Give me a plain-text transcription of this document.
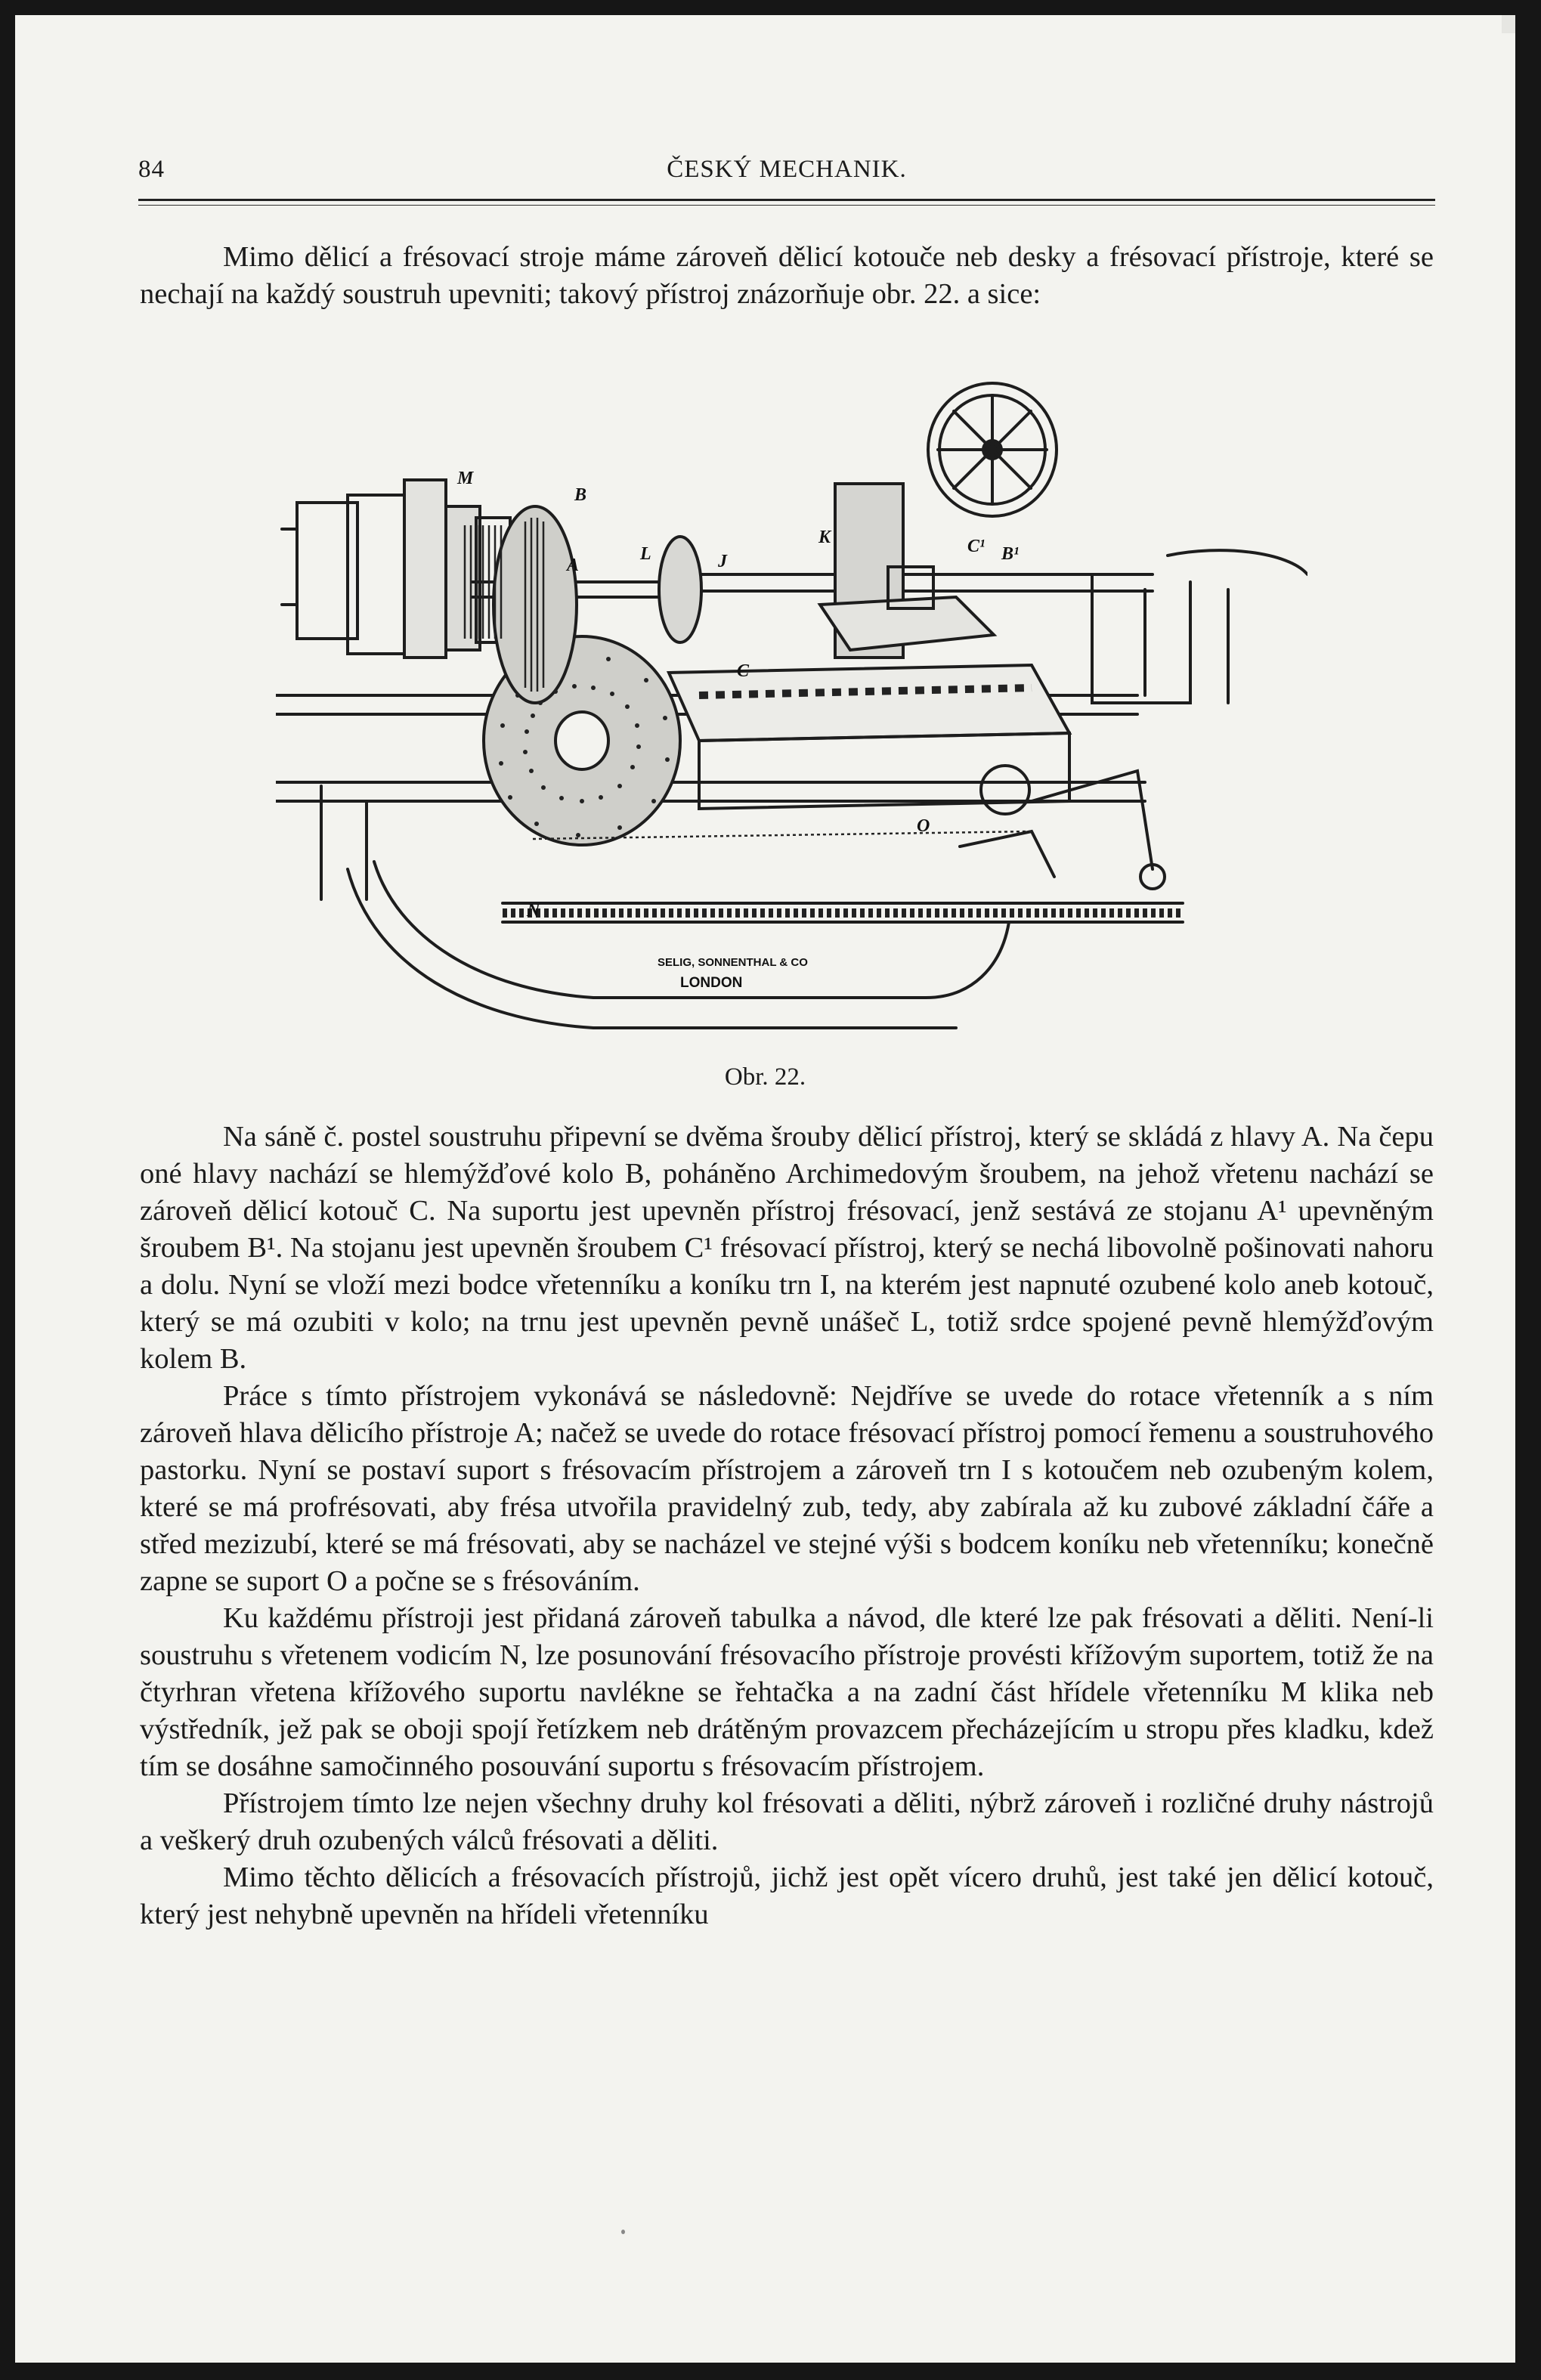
84	ČESKÝ MECHANIK.

Mimo dělicí a frésovací stroje máme zároveň dělicí kotouče neb desky a frésovací přístroje, které se nechají na každý soustruh upevniti; takový přístroj znázorňuje obr. 22. a sice:

M
B
A
L	J
K
C
C¹ B¹
O
N
SELIG, SONNENTHAL & CO
LONDON
Obr. 22.

Na sáně č. postel soustruhu připevní se dvěma šrouby dělicí přístroj, který se skládá z hlavy A. Na čepu oné hlavy nachází se hlemýžďové kolo B, poháněno Archimedovým šroubem, na jehož vřetenu nachází se zároveň dělicí kotouč C. Na suportu jest upevněn přístroj frésovací, jenž sestává ze stojanu A¹ upevněným šroubem B¹. Na stojanu jest upevněn šroubem C¹ frésovací přístroj, který se nechá libovolně pošinovati nahoru a dolu. Nyní se vloží mezi bodce vřetenníku a koníku trn I, na kterém jest napnuté ozubené kolo aneb kotouč, který se má ozubiti v kolo; na trnu jest upevněn pevně unášeč L, totiž srdce spojené pevně hlemýžďovým kolem B.

Práce s tímto přístrojem vykonává se následovně: Nejdříve se uvede do rotace vřetenník a s ním zároveň hlava dělicího přístroje A; načež se uvede do rotace frésovací přístroj pomocí řemenu a soustruhového pastorku. Nyní se postaví suport s frésovacím přístrojem a zároveň trn I s kotoučem neb ozubeným kolem, které se má profrésovati, aby frésa utvořila pravidelný zub, tedy, aby zabírala až ku zubové základní čáře a střed mezizubí, které se má frésovati, aby se nacházel ve stejné výši s bodcem koníku neb vřetenníku; konečně zapne se suport O a počne se s frésováním.

Ku každému přístroji jest přidaná zároveň tabulka a návod, dle které lze pak frésovati a děliti. Není-li soustruhu s vřetenem vodicím N, lze posunování frésovacího přístroje provésti křížovým suportem, totiž že na čtyrhran vřetena křížového suportu navléknе se řehtačka a na zadní část hřídele vřetenníku M klika neb výstředník, jež pak se oboji spojí řetízkem neb drátěným provazcem přecházejícím u stropu přes kladku, kdež tím se dosáhne samočinného posouvání suportu s frésovacím přístrojem.

Přístrojem tímto lze nejen všechny druhy kol frésovati a děliti, nýbrž zároveň i rozličné druhy nástrojů a veškerý druh ozubených válců frésovati a děliti.

Mimo těchto dělicích a frésovacích přístrojů, jichž jest opět vícero druhů, jest také jen dělicí kotouč, který jest nehybně upevněn na hřídeli vřetenníku
